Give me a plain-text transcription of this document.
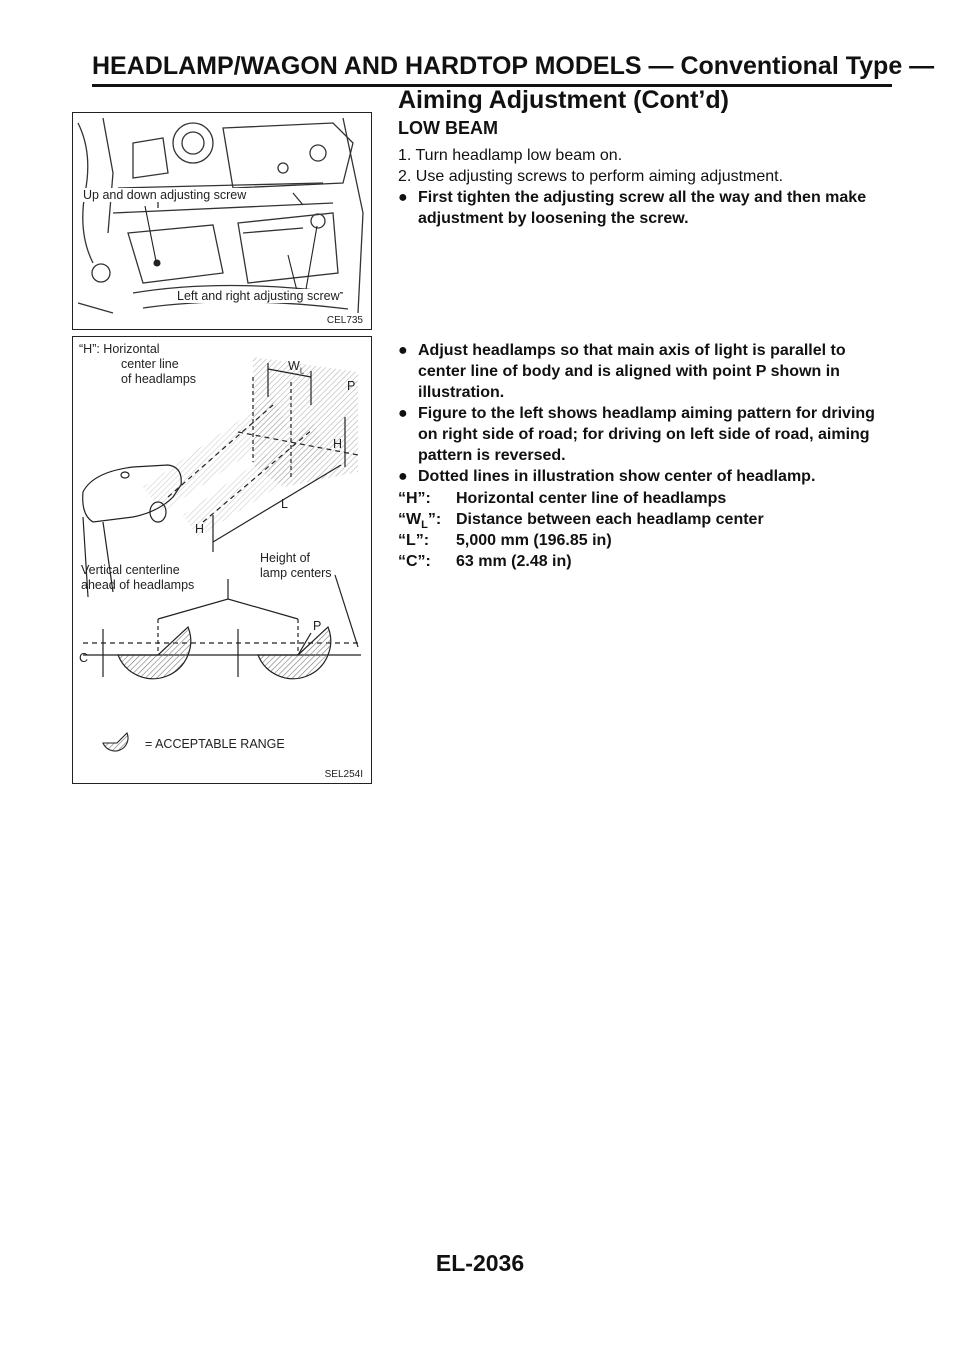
HEADLAMP/WAGON AND HARDTOP MODELS — Conventional Type —
Aiming Adjustment (Cont’d)
Up and down adjusting screw
Left and right adjusting screw
CEL735
“H”: Horizontal
center line
of headlamps
$W_L$
P
H
L
H
Vertical centerline
ahead of headlamps
Height of
lamp centers
P
C
= ACCEPTABLE RANGE
SEL254I
LOW BEAM
1. Turn headlamp low beam on.
2. Use adjusting screws to perform aiming adjustment.
● First tighten the adjusting screw all the way and then make adjustment by loosening the screw.
● Adjust headlamps so that main axis of light is parallel to center line of body and is aligned with point P shown in illustration.
● Figure to the left shows headlamp aiming pattern for driving on right side of road; for driving on left side of road, aiming pattern is reversed.
● Dotted lines in illustration show center of headlamp.
“H”: Horizontal center line of headlamps
“$W_L$”: Distance between each headlamp center
“L”: 5,000 mm (196.85 in)
“C”: 63 mm (2.48 in)
EL-2036
